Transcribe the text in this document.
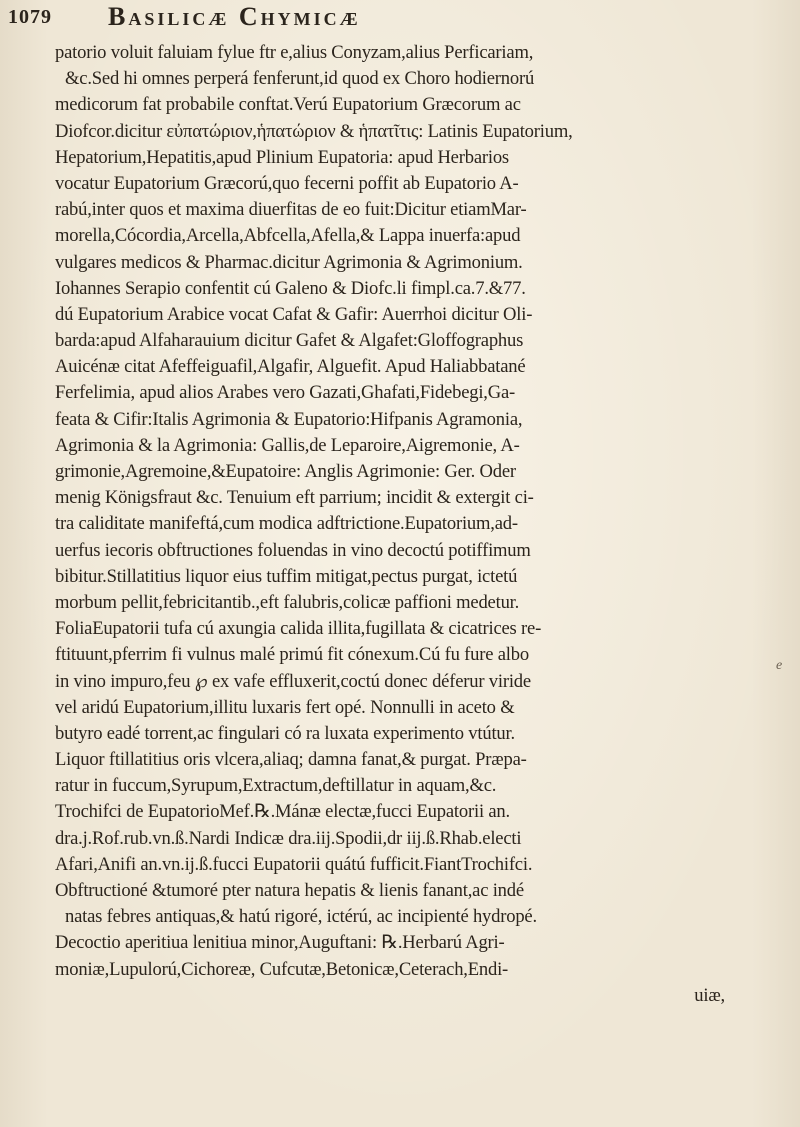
1079 Basilicæ Chymicæ
patorio voluit faluiam fylue ftr e,alius Conyzam,alius Perficariam,
&c.Sed hi omnes perperá fenferunt,id quod ex Choro hodiernorú
medicorum fat probabile conftat.Verú Eupatorium Græcorum ac
Diofcor.dicitur εὐπατώριον,ἡπατώριον & ἡπατῖτις: Latinis Eupatorium,
Hepatorium,Hepatitis,apud Plinium Eupatoria: apud Herbarios
vocatur Eupatorium Græcorú,quo fecerni poffit ab Eupatorio A-
rabú,inter quos et maxima diuerfitas de eo fuit:Dicitur etiamMar-
morella,Cócordia,Arcella,Abfcella,Afella,& Lappa inuerfa:apud
vulgares medicos & Pharmac.dicitur Agrimonia & Agrimonium.
Iohannes Serapio confentit cú Galeno & Diofc.li fimpl.ca.7.&77.
dú Eupatorium Arabice vocat Cafat & Gafir: Auerrhoi dicitur Oli-
barda:apud Alfaharauium dicitur Gafet & Algafet:Gloffographus
Auicénæ citat Afeffeiguafil,Algafir, Alguefit. Apud Haliabbatané
Ferfelimia, apud alios Arabes vero Gazati,Ghafati,Fidebegi,Ga-
feata & Cifir:Italis Agrimonia & Eupatorio:Hifpanis Agramonia,
Agrimonia & la Agrimonia: Gallis,de Leparoire,Aigremonie, A-
grimonie,Agremoine,&Eupatoire: Anglis Agrimonie: Ger. Oder
menig Königsfraut &c. Tenuium eft parrium; incidit & extergit ci-
tra caliditate manifeftá,cum modica adftrictione.Eupatorium,ad-
uerfus iecoris obftructiones foluendas in vino decoctú potiffimum
bibitur.Stillatitius liquor eius tuffim mitigat,pectus purgat, ictetú
morbum pellit,febricitantib.,eft falubris,colicæ paffioni medetur.
FoliaEupatorii tufa cú axungia calida illita,fugillata & cicatrices re-
ftituunt,pferrim fi vulnus malé primú fit cónexum.Cú fu fure albo
in vino impuro,feu ℘ ex vafe effluxerit,coctú donec déferur viride
vel aridú Eupatorium,illitu luxaris fert opé. Nonnulli in aceto &
butyro eadé torrent,ac fingulari có ra luxata experimento vtútur.
Liquor ftillatitius oris vlcera,aliaq; damna fanat,& purgat. Præpa-
ratur in fuccum,Syrupum,Extractum,deftillatur in aquam,&c.
Trochifci de EupatorioMef.℞.Mánæ electæ,fucci Eupatorii an.
dra.j.Rof.rub.vn.ß.Nardi Indicæ dra.iij.Spodii,dr iij.ß.Rhab.electi
Afari,Anifi an.vn.ij.ß.fucci Eupatorii quátú fufficit.FiantTrochifci.
Obftructioné &tumoré pter natura hepatis & lienis fanant,ac indé
natas febres antiquas,& hatú rigoré, ictérú, ac incipienté hydropé.
Decoctio aperitiua lenitiua minor,Auguftani: ℞.Herbarú Agri-
moniæ,Lupulorú,Cichoreæ, Cufcutæ,Betonicæ,Ceterach,Endi-
uiæ,
e
